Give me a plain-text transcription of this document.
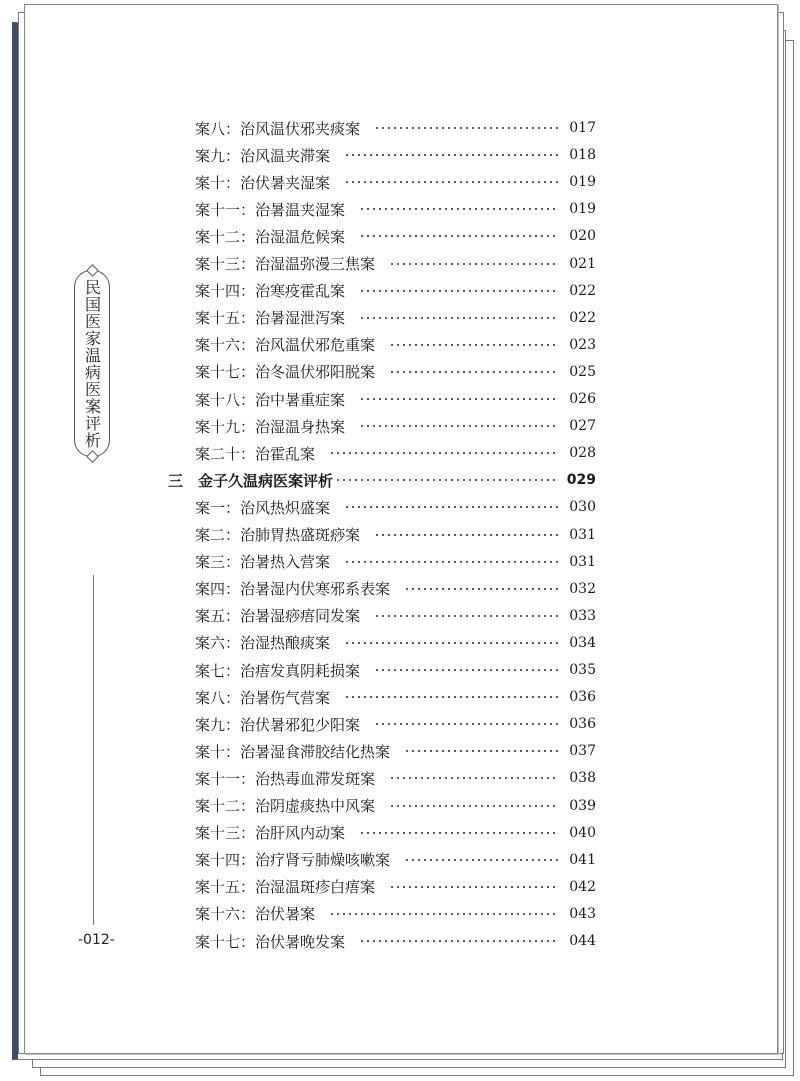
民国医家温病医案评析
-012-
案八：治风温伏邪夹痰案	017
案九：治风温夹滞案	018
案十：治伏暑夹湿案	019
案十一：治暑温夹湿案	019
案十二：治湿温危候案	020
案十三：治湿温弥漫三焦案	021
案十四：治寒疫霍乱案	022
案十五：治暑湿泄泻案	022
案十六：治风温伏邪危重案	023
案十七：治冬温伏邪阳脱案	025
案十八：治中暑重症案	026
案十九：治湿温身热案	027
案二十：治霍乱案	028
三 金子久温病医案评析	029
案一：治风热炽盛案	030
案二：治肺胃热盛斑痧案	031
案三：治暑热入营案	031
案四：治暑湿内伏寒邪系表案	032
案五：治暑湿痧痦同发案	033
案六：治湿热酿痰案	034
案七：治痦发真阴耗损案	035
案八：治暑伤气营案	036
案九：治伏暑邪犯少阳案	036
案十：治暑湿食滞胶结化热案	037
案十一：治热毒血滞发斑案	038
案十二：治阴虚痰热中风案	039
案十三：治肝风内动案	040
案十四：治疗肾亏肺燥咳嗽案	041
案十五：治湿温斑疹白痦案	042
案十六：治伏暑案	043
案十七：治伏暑晚发案	044
